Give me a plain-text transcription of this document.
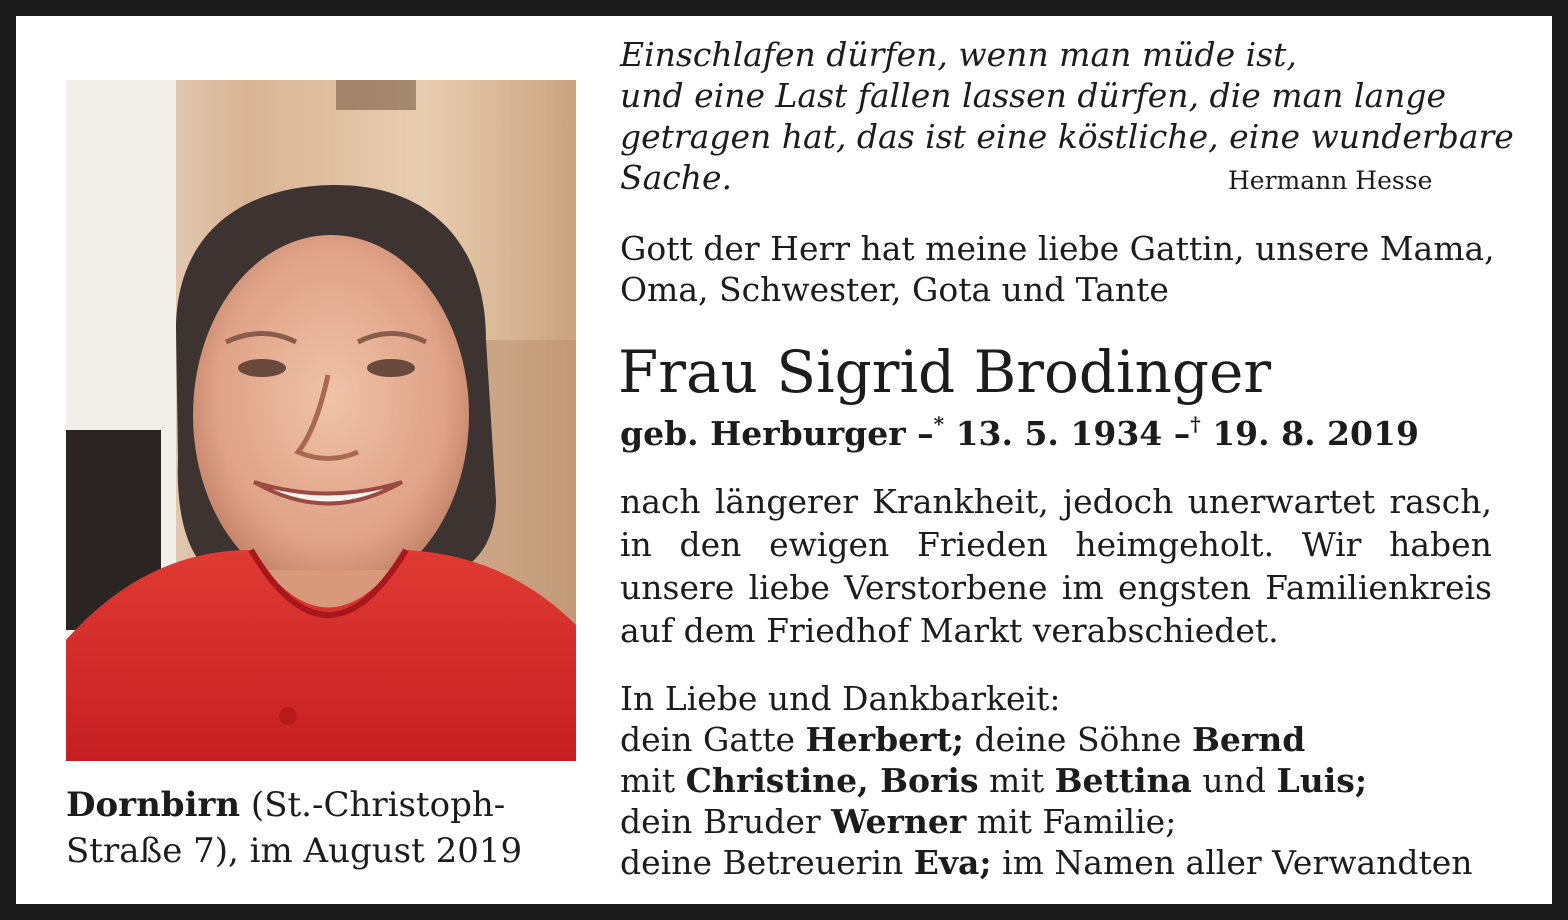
Dornbirn (St.-Christoph-
Straße 7), im August 2019
Einschlafen dürfen, wenn man müde ist,
und eine Last fallen lassen dürfen, die man lange
getragen hat, das ist eine köstliche, eine wunderbare
Sache.	Hermann Hesse
Gott der Herr hat meine liebe Gattin, unsere Mama,
Oma, Schwester, Gota und Tante
Frau Sigrid Brodinger
geb. Herburger –* 13. 5. 1934 –† 19. 8. 2019
nach längerer Krankheit, jedoch unerwartet rasch,
in den ewigen Frieden heimgeholt. Wir haben
unsere liebe Verstorbene im engsten Familienkreis
auf dem Friedhof Markt verabschiedet.
In Liebe und Dankbarkeit:
dein Gatte Herbert; deine Söhne Bernd
mit Christine, Boris mit Bettina und Luis;
dein Bruder Werner mit Familie;
deine Betreuerin Eva; im Namen aller Verwandten
